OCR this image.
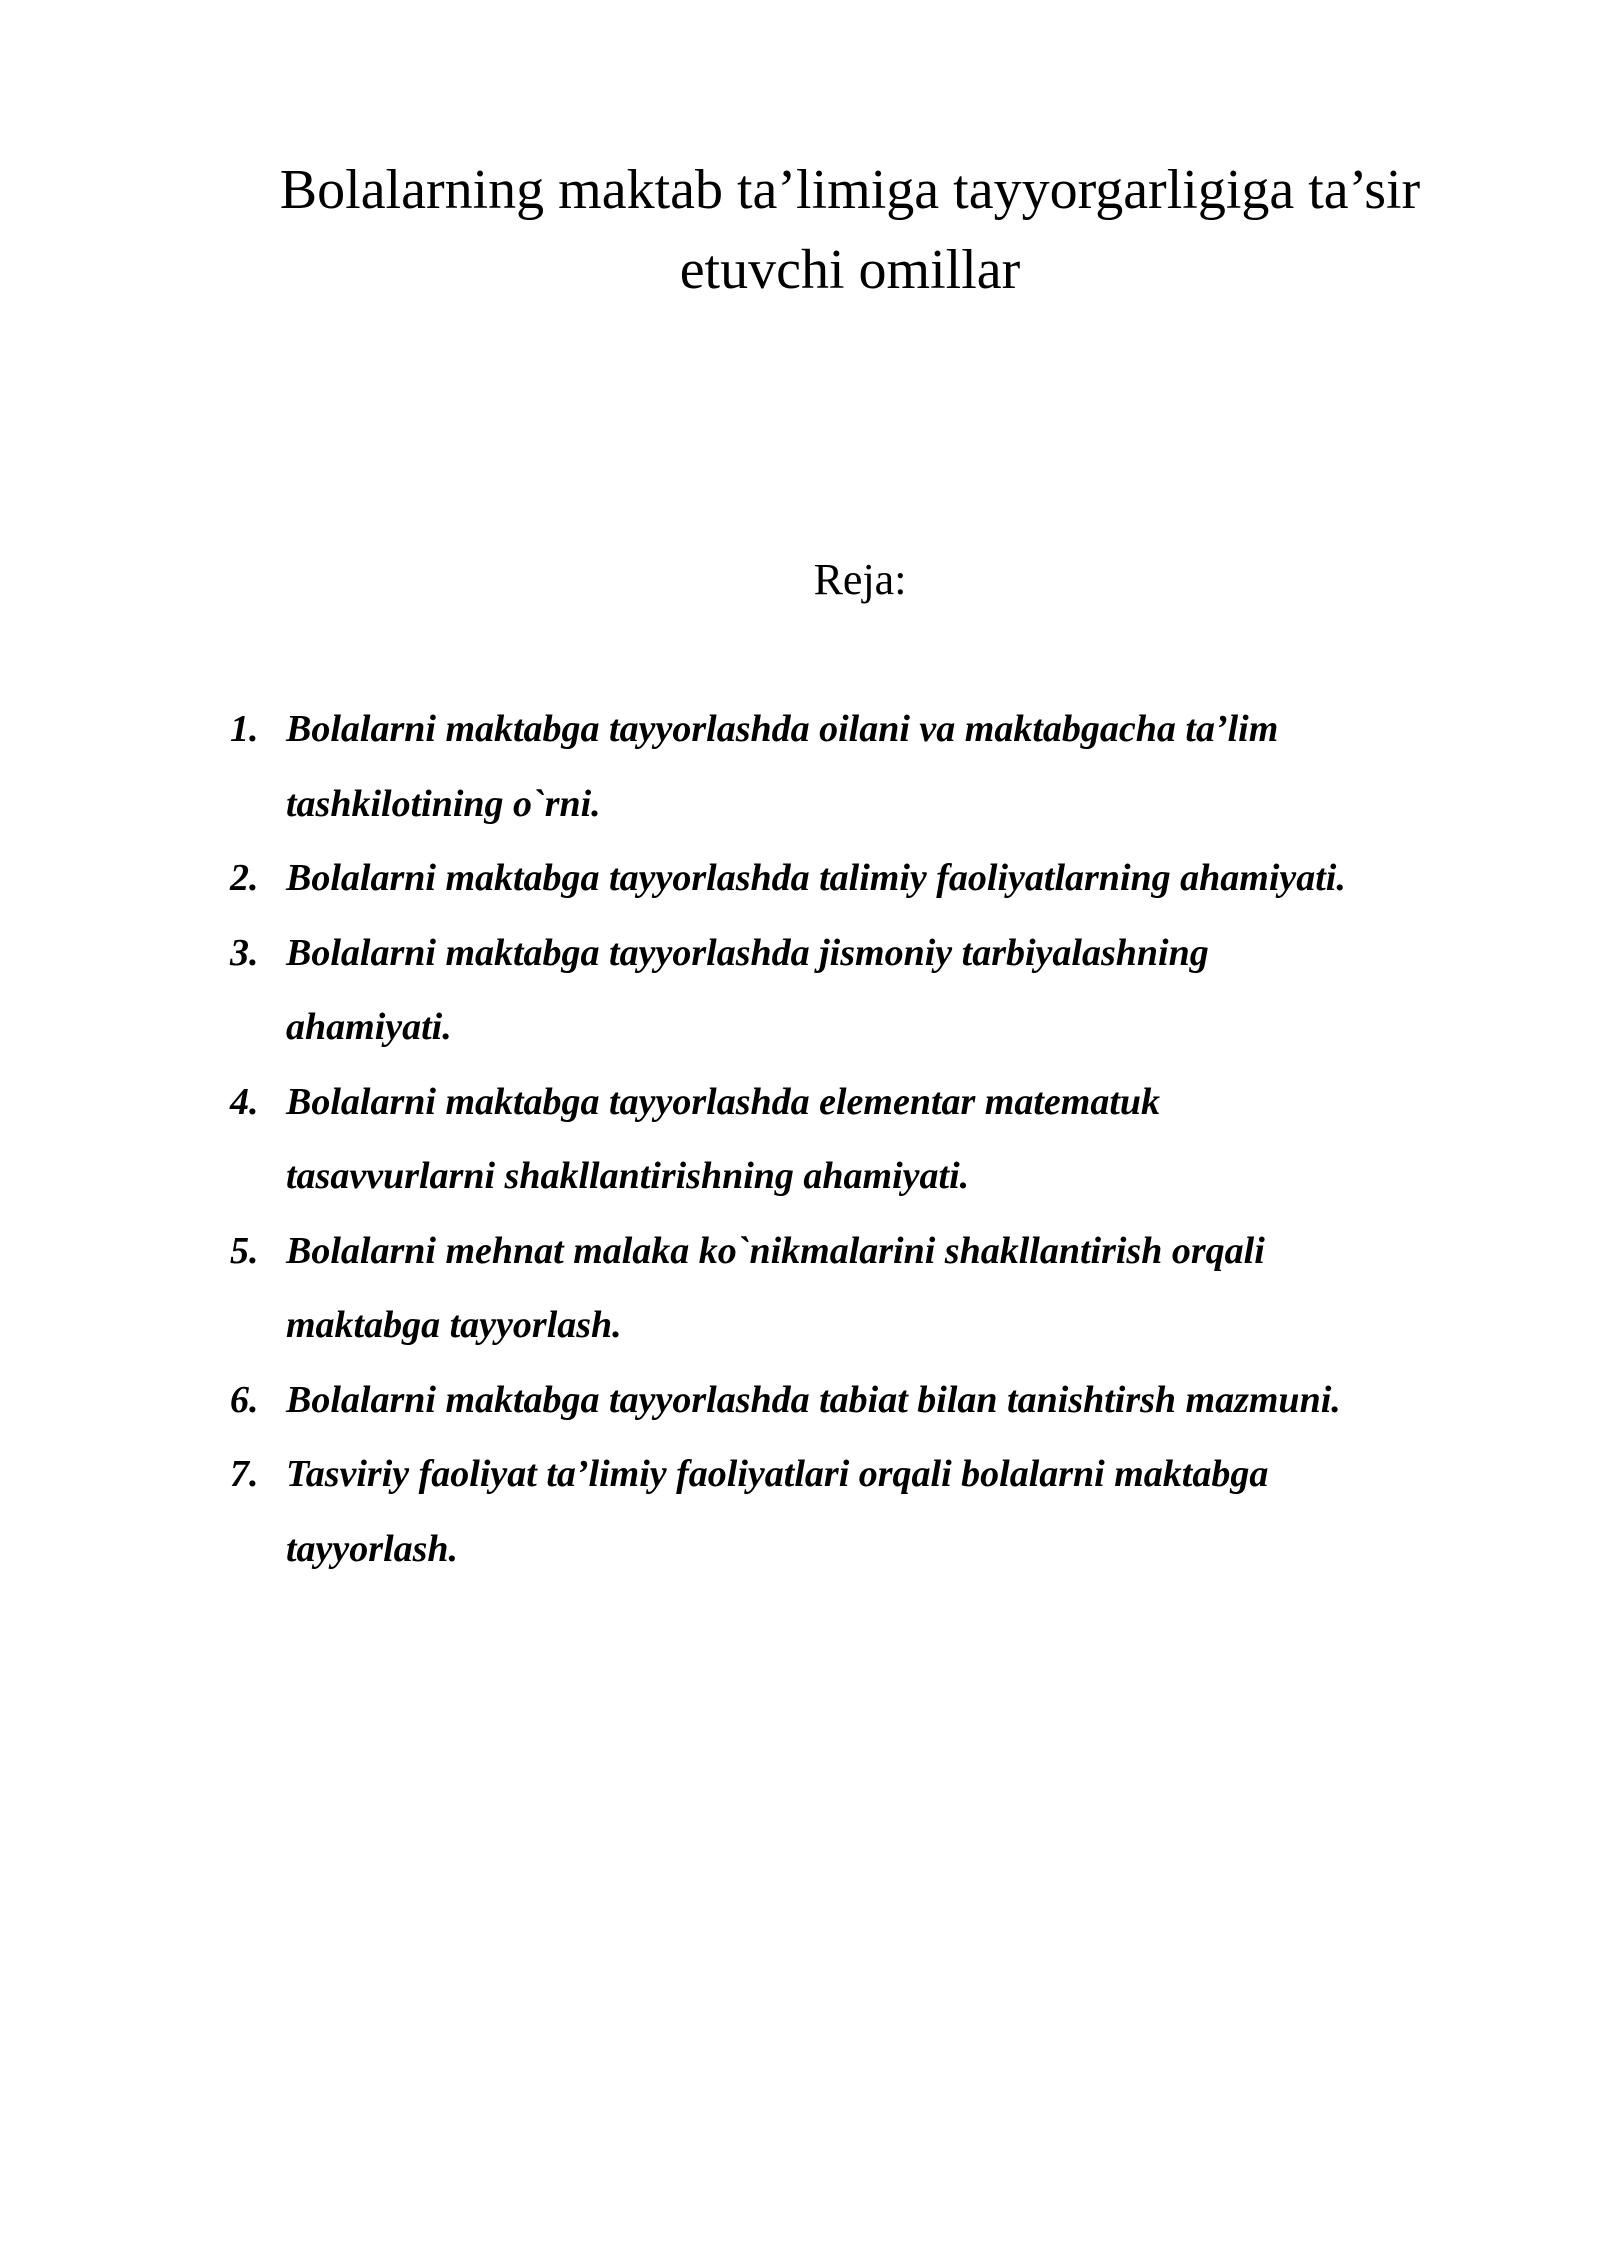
Bolalarning maktab ta’limiga tayyorgarligiga ta’sir
etuvchi omillar
Reja:
1. Bolalarni maktabga tayyorlashda oilani va maktabgacha ta’lim
tashkilotining o`rni.
2. Bolalarni maktabga tayyorlashda talimiy faoliyatlarning ahamiyati.
3. Bolalarni maktabga tayyorlashda jismoniy tarbiyalashning
ahamiyati.
4. Bolalarni maktabga tayyorlashda elementar matematuk
tasavvurlarni shakllantirishning ahamiyati.
5. Bolalarni mehnat malaka ko`nikmalarini shakllantirish orqali
maktabga tayyorlash.
6. Bolalarni maktabga tayyorlashda tabiat bilan tanishtirsh mazmuni.
7. Tasviriy faoliyat ta’limiy faoliyatlari orqali bolalarni maktabga
tayyorlash.
